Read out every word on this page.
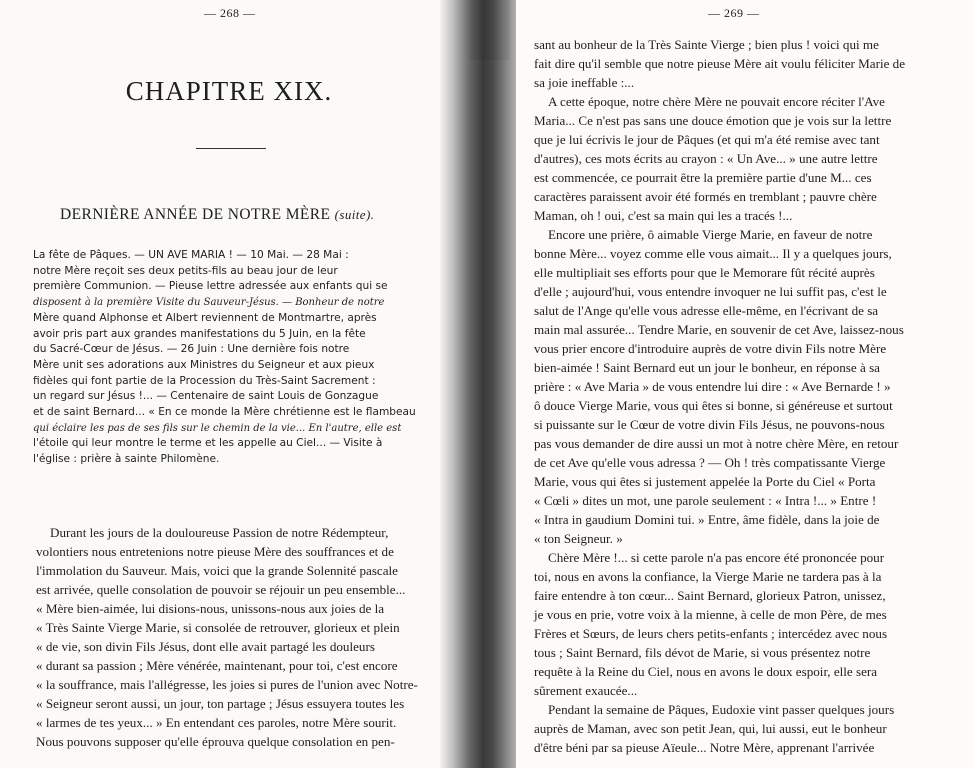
— 268 —
CHAPITRE XIX.
DERNIÈRE ANNÉE DE NOTRE MÈRE (suite).
La fête de Pâques. — UN AVE MARIA ! — 10 Mai. — 28 Mai :
notre Mère reçoit ses deux petits-fils au beau jour de leur
première Communion. — Pieuse lettre adressée aux enfants qui se
disposent à la première Visite du Sauveur-Jésus. — Bonheur de notre
Mère quand Alphonse et Albert reviennent de Montmartre, après
avoir pris part aux grandes manifestations du 5 Juin, en la fête
du Sacré-Cœur de Jésus. — 26 Juin : Une dernière fois notre
Mère unit ses adorations aux Ministres du Seigneur et aux pieux
fidèles qui font partie de la Procession du Très-Saint Sacrement :
un regard sur Jésus !... — Centenaire de saint Louis de Gonzague
et de saint Bernard... « En ce monde la Mère chrétienne est le flambeau
qui éclaire les pas de ses fils sur le chemin de la vie... En l'autre, elle est
l'étoile qui leur montre le terme et les appelle au Ciel... — Visite à
l'église : prière à sainte Philomène.
Durant les jours de la douloureuse Passion de notre Rédempteur,
volontiers nous entretenions notre pieuse Mère des souffrances et de
l'immolation du Sauveur. Mais, voici que la grande Solennité pascale
est arrivée, quelle consolation de pouvoir se réjouir un peu ensemble...
« Mère bien-aimée, lui disions-nous, unissons-nous aux joies de la
« Très Sainte Vierge Marie, si consolée de retrouver, glorieux et plein
« de vie, son divin Fils Jésus, dont elle avait partagé les douleurs
« durant sa passion ; Mère vénérée, maintenant, pour toi, c'est encore
« la souffrance, mais l'allégresse, les joies si pures de l'union avec Notre-
« Seigneur seront aussi, un jour, ton partage ; Jésus essuyera toutes les
« larmes de tes yeux... » En entendant ces paroles, notre Mère sourit.
Nous pouvons supposer qu'elle éprouva quelque consolation en pen-
— 269 —
sant au bonheur de la Très Sainte Vierge ; bien plus ! voici qui me
fait dire qu'il semble que notre pieuse Mère ait voulu féliciter Marie de
sa joie ineffable :...
A cette époque, notre chère Mère ne pouvait encore réciter l'Ave
Maria... Ce n'est pas sans une douce émotion que je vois sur la lettre
que je lui écrivis le jour de Pâques (et qui m'a été remise avec tant
d'autres), ces mots écrits au crayon : « Un Ave... » une autre lettre
est commencée, ce pourrait être la première partie d'une M... ces
caractères paraissent avoir été formés en tremblant ; pauvre chère
Maman, oh ! oui, c'est sa main qui les a tracés !...
Encore une prière, ô aimable Vierge Marie, en faveur de notre
bonne Mère... voyez comme elle vous aimait... Il y a quelques jours,
elle multipliait ses efforts pour que le Memorare fût récité auprès
d'elle ; aujourd'hui, vous entendre invoquer ne lui suffit pas, c'est le
salut de l'Ange qu'elle vous adresse elle-même, en l'écrivant de sa
main mal assurée... Tendre Marie, en souvenir de cet Ave, laissez-nous
vous prier encore d'introduire auprès de votre divin Fils notre Mère
bien-aimée ! Saint Bernard eut un jour le bonheur, en réponse à sa
prière : « Ave Maria » de vous entendre lui dire : « Ave Bernarde ! »
ô douce Vierge Marie, vous qui êtes si bonne, si généreuse et surtout
si puissante sur le Cœur de votre divin Fils Jésus, ne pouvons-nous
pas vous demander de dire aussi un mot à notre chère Mère, en retour
de cet Ave qu'elle vous adressa ? — Oh ! très compatissante Vierge
Marie, vous qui êtes si justement appelée la Porte du Ciel « Porta
« Cœli » dites un mot, une parole seulement : « Intra !... » Entre !
« Intra in gaudium Domini tui. » Entre, âme fidèle, dans la joie de
« ton Seigneur. »
Chère Mère !... si cette parole n'a pas encore été prononcée pour
toi, nous en avons la confiance, la Vierge Marie ne tardera pas à la
faire entendre à ton cœur... Saint Bernard, glorieux Patron, unissez,
je vous en prie, votre voix à la mienne, à celle de mon Père, de mes
Frères et Sœurs, de leurs chers petits-enfants ; intercédez avec nous
tous ; Saint Bernard, fils dévot de Marie, si vous présentez notre
requête à la Reine du Ciel, nous en avons le doux espoir, elle sera
sûrement exaucée...
Pendant la semaine de Pâques, Eudoxie vint passer quelques jours
auprès de Maman, avec son petit Jean, qui, lui aussi, eut le bonheur
d'être béni par sa pieuse Aïeule... Notre Mère, apprenant l'arrivée
